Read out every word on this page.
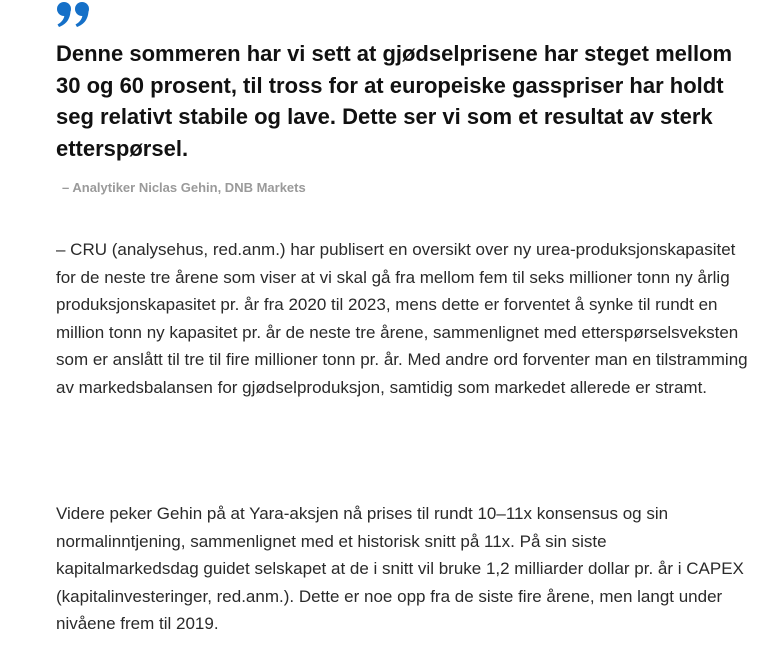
Denne sommeren har vi sett at gjødselprisene har steget mellom 30 og 60 prosent, til tross for at europeiske gasspriser har holdt seg relativt stabile og lave. Dette ser vi som et resultat av sterk etterspørsel.

– Analytiker Niclas Gehin, DNB Markets

– CRU (analysehus, red.anm.) har publisert en oversikt over ny urea-produksjonskapasitet for de neste tre årene som viser at vi skal gå fra mellom fem til seks millioner tonn ny årlig produksjonskapasitet pr. år fra 2020 til 2023, mens dette er forventet å synke til rundt en million tonn ny kapasitet pr. år de neste tre årene, sammenlignet med etterspørselsveksten som er anslått til tre til fire millioner tonn pr. år. Med andre ord forventer man en tilstramming av markedsbalansen for gjødselproduksjon, samtidig som markedet allerede er stramt.

Videre peker Gehin på at Yara-aksjen nå prises til rundt 10–11x konsensus og sin normalinntjening, sammenlignet med et historisk snitt på 11x. På sin siste kapitalmarkedsdag guidet selskapet at de i snitt vil bruke 1,2 milliarder dollar pr. år i CAPEX (kapitalinvesteringer, red.anm.). Dette er noe opp fra de siste fire årene, men langt under nivåene frem til 2019.
